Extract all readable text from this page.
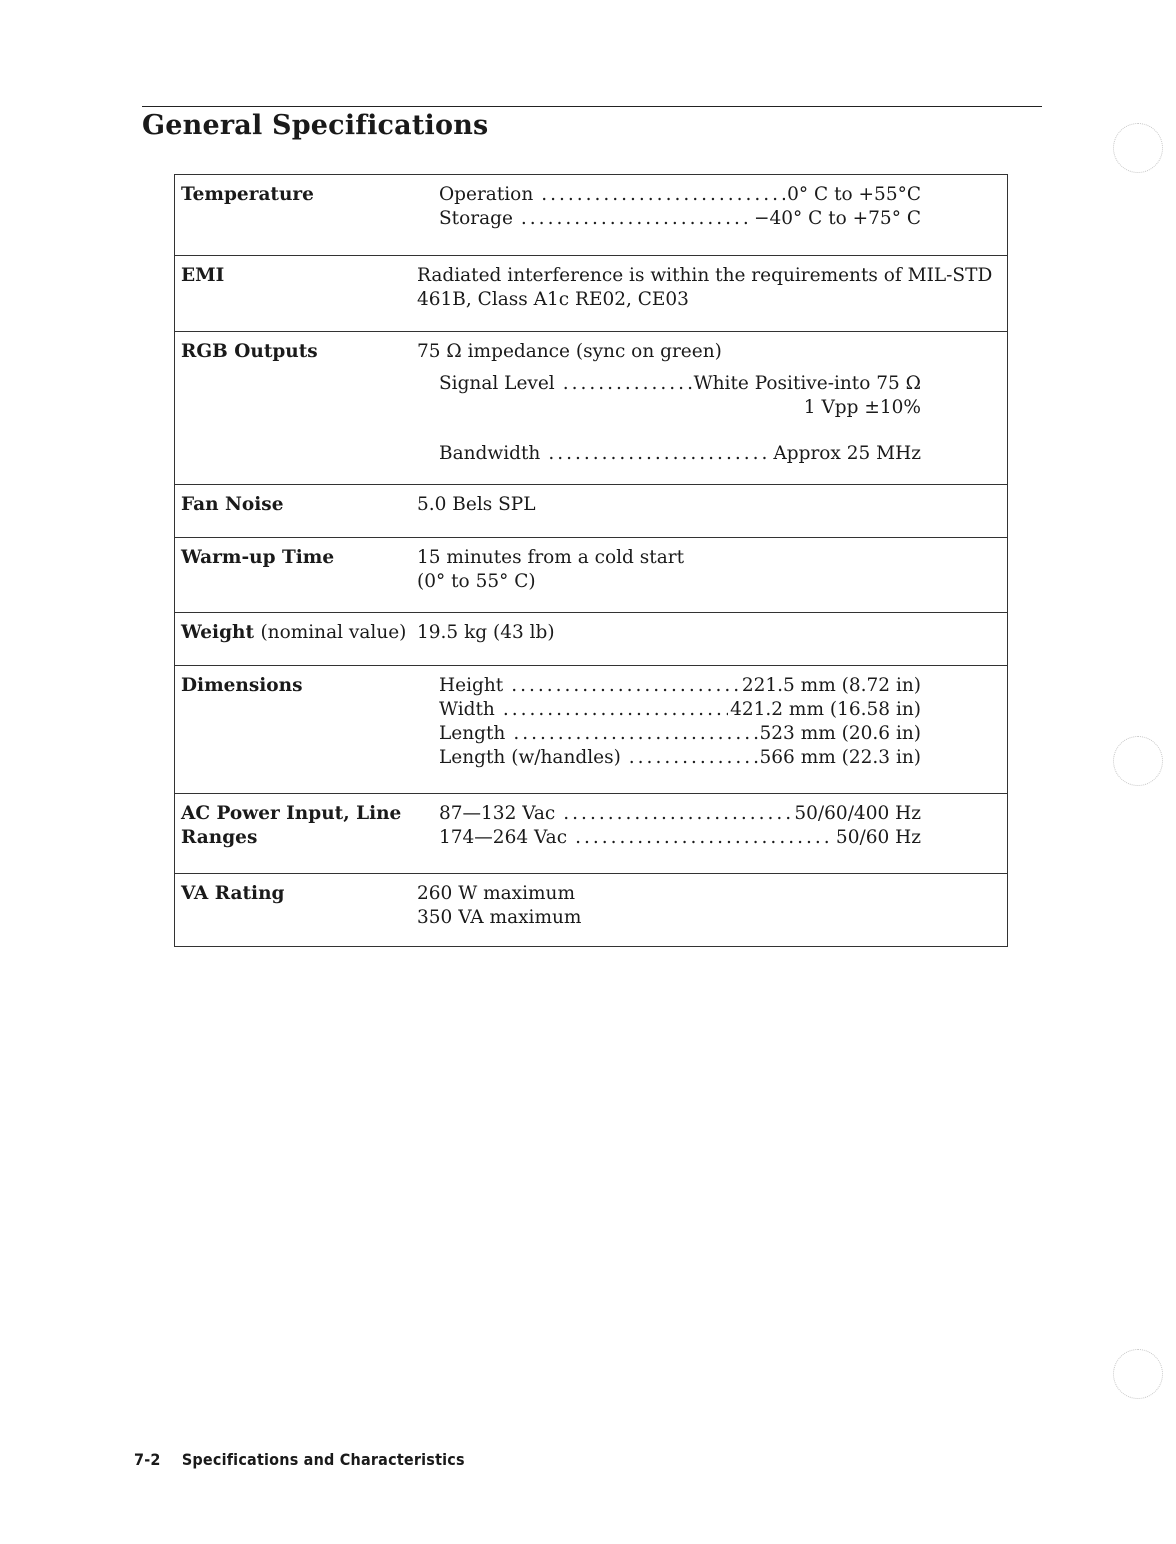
General Specifications
Temperature	Operation .....	0° C to +55°C
Storage .....	−40° C to +75° C
EMI	Radiated interference is within the requirements of MIL-STD
461B, Class A1c RE02, CE03
RGB Outputs	75 Ω impedance (sync on green)
Signal Level .....	White Positive-into 75 Ω
1 Vpp ±10%
Bandwidth .....	Approx 25 MHz
Fan Noise	5.0 Bels SPL
Warm-up Time	15 minutes from a cold start
(0° to 55° C)
Weight (nominal value) 19.5 kg (43 lb)
Dimensions	Height .....	221.5 mm (8.72 in)
Width .....	421.2 mm (16.58 in)
Length .....	523 mm (20.6 in)
Length (w/handles) .....	566 mm (22.3 in)
AC Power Input, Line
Ranges
87—132 Vac .....	50/60/400 Hz
174—264 Vac .....	50/60 Hz
VA Rating	260 W maximum
350 VA maximum
7-2 Specifications and Characteristics
